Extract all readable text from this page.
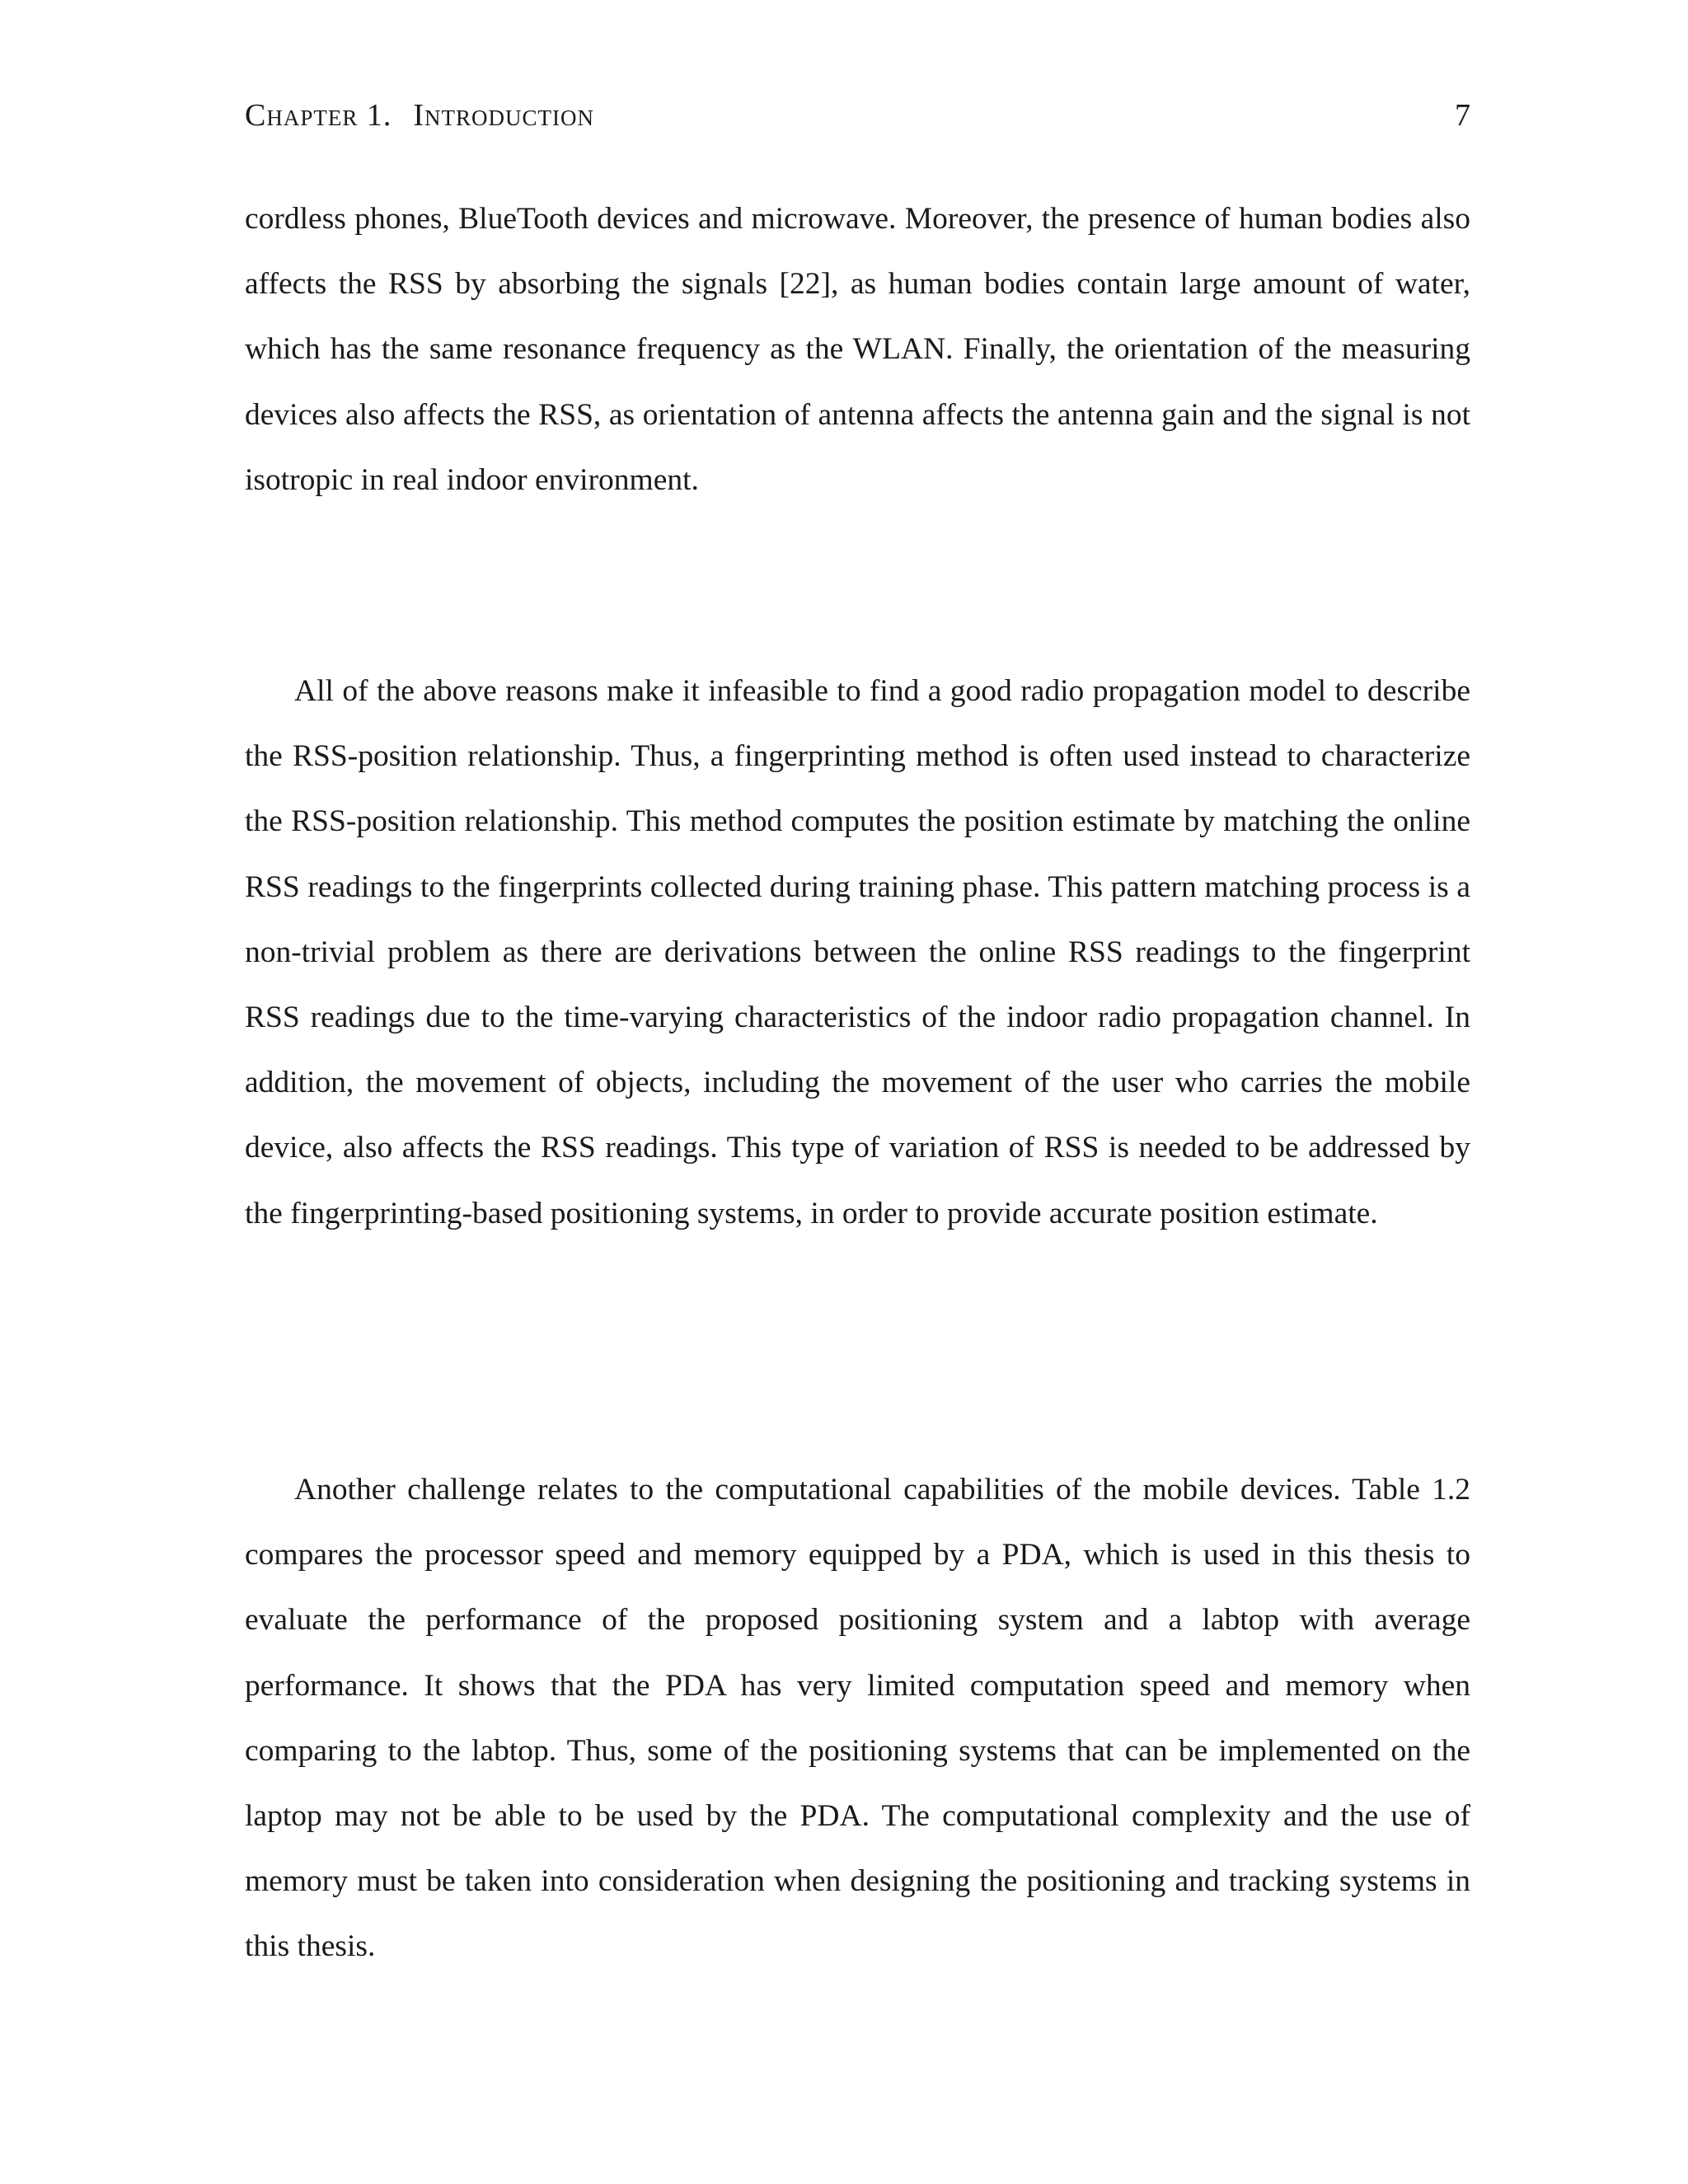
Chapter 1. Introduction	7

cordless phones, BlueTooth devices and microwave. Moreover, the presence of human bodies also affects the RSS by absorbing the signals [22], as human bodies contain large amount of water, which has the same resonance frequency as the WLAN. Finally, the orientation of the measuring devices also affects the RSS, as orientation of antenna affects the antenna gain and the signal is not isotropic in real indoor environment.

All of the above reasons make it infeasible to find a good radio propagation model to describe the RSS-position relationship. Thus, a fingerprinting method is often used instead to characterize the RSS-position relationship. This method computes the position estimate by matching the online RSS readings to the fingerprints collected during training phase. This pattern matching process is a non-trivial problem as there are derivations between the online RSS readings to the fingerprint RSS readings due to the time-varying characteristics of the indoor radio propagation channel. In addition, the movement of objects, including the movement of the user who carries the mobile device, also affects the RSS readings. This type of variation of RSS is needed to be addressed by the fingerprinting-based positioning systems, in order to provide accurate position estimate.

Another challenge relates to the computational capabilities of the mobile devices. Table 1.2 compares the processor speed and memory equipped by a PDA, which is used in this thesis to evaluate the performance of the proposed positioning system and a labtop with average performance. It shows that the PDA has very limited computation speed and memory when comparing to the labtop. Thus, some of the positioning systems that can be implemented on the laptop may not be able to be used by the PDA. The computational complexity and the use of memory must be taken into consideration when designing the positioning and tracking systems in this thesis.
